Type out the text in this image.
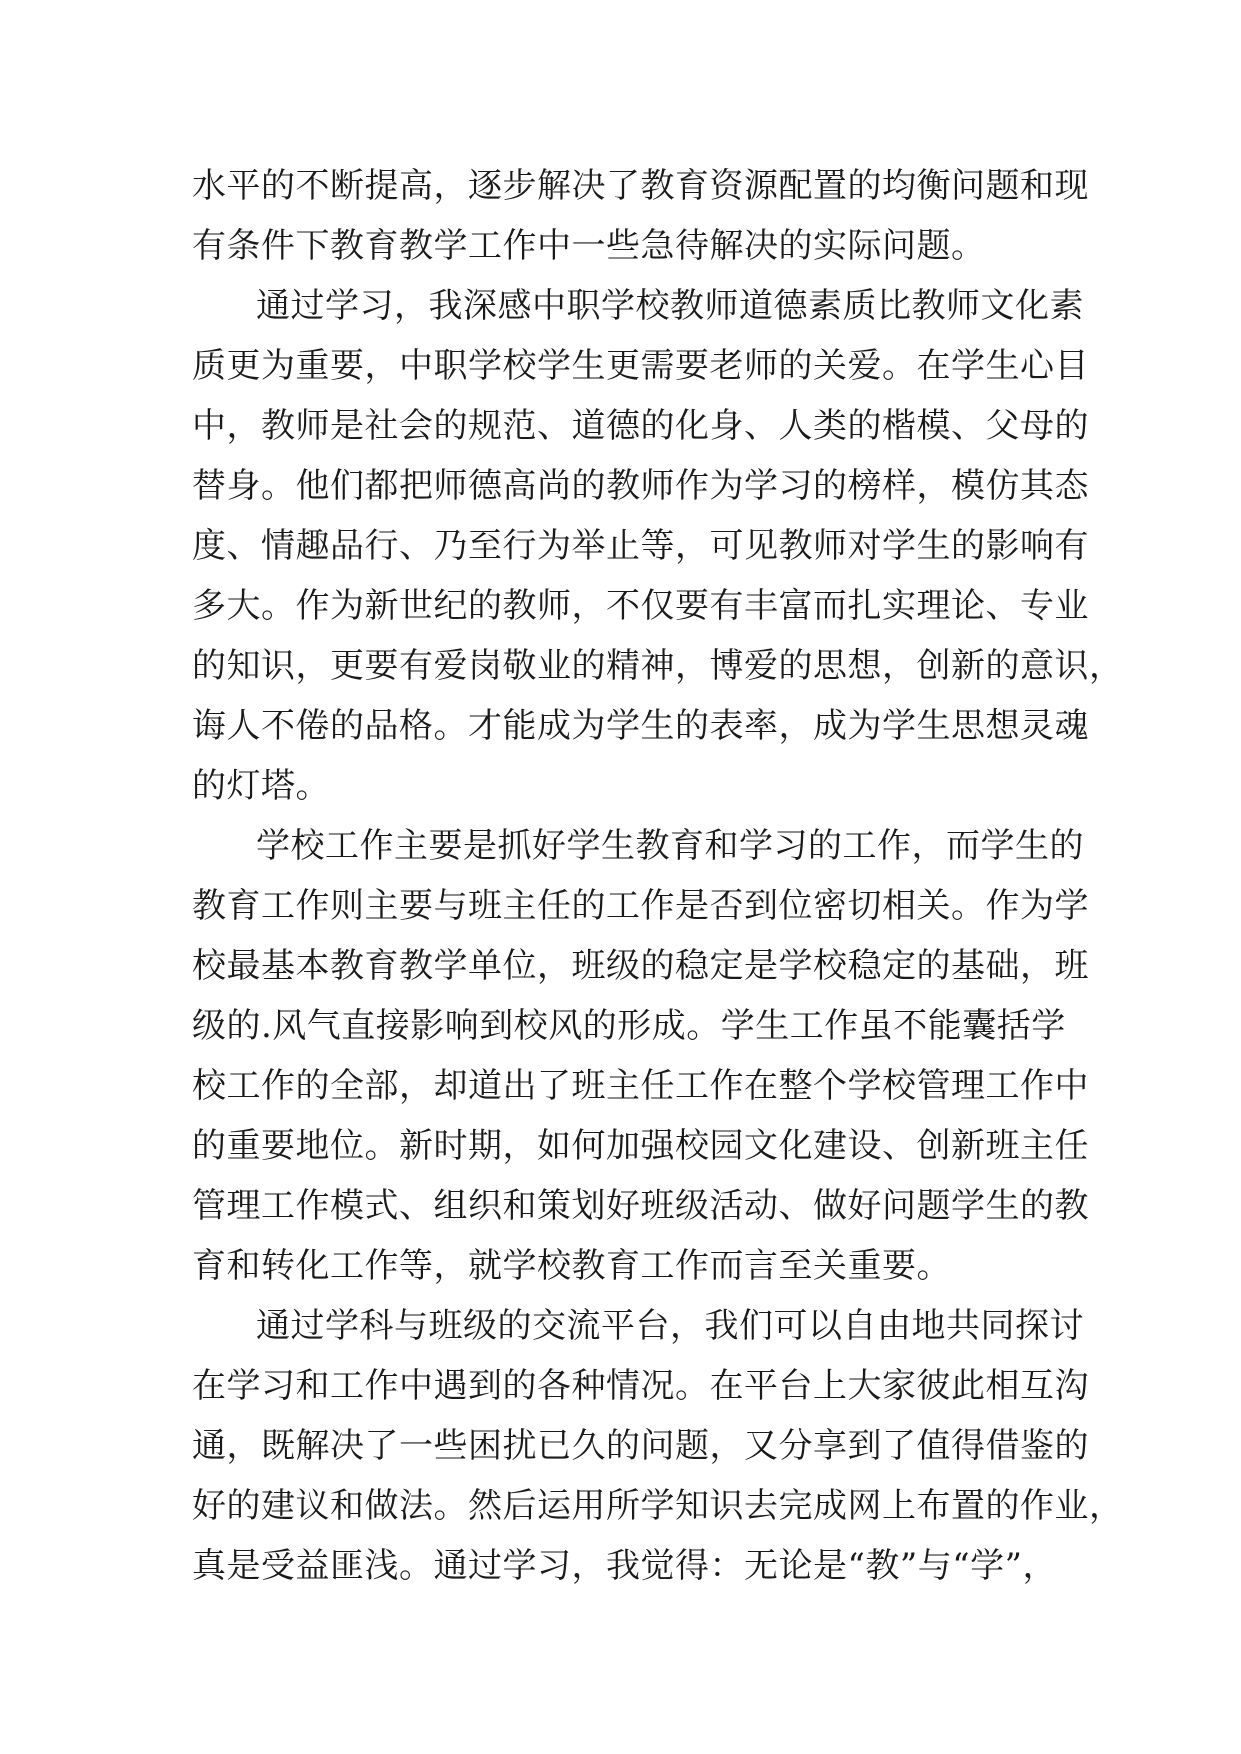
水平的不断提高，逐步解决了教育资源配置的均衡问题和现
有条件下教育教学工作中一些急待解决的实际问题。
通过学习，我深感中职学校教师道德素质比教师文化素
质更为重要，中职学校学生更需要老师的关爱。在学生心目
中，教师是社会的规范、道德的化身、人类的楷模、父母的
替身。他们都把师德高尚的教师作为学习的榜样，模仿其态
度、情趣品行、乃至行为举止等，可见教师对学生的影响有
多大。作为新世纪的教师，不仅要有丰富而扎实理论、专业
的知识，更要有爱岗敬业的精神，博爱的思想，创新的意识，
诲人不倦的品格。才能成为学生的表率，成为学生思想灵魂
的灯塔。
学校工作主要是抓好学生教育和学习的工作，而学生的
教育工作则主要与班主任的工作是否到位密切相关。作为学
校最基本教育教学单位，班级的稳定是学校稳定的基础，班
级的.风气直接影响到校风的形成。学生工作虽不能囊括学
校工作的全部，却道出了班主任工作在整个学校管理工作中
的重要地位。新时期，如何加强校园文化建设、创新班主任
管理工作模式、组织和策划好班级活动、做好问题学生的教
育和转化工作等，就学校教育工作而言至关重要。
通过学科与班级的交流平台，我们可以自由地共同探讨
在学习和工作中遇到的各种情况。在平台上大家彼此相互沟
通，既解决了一些困扰已久的问题，又分享到了值得借鉴的
好的建议和做法。然后运用所学知识去完成网上布置的作业，
真是受益匪浅。通过学习，我觉得：无论是“教”与“学”，
